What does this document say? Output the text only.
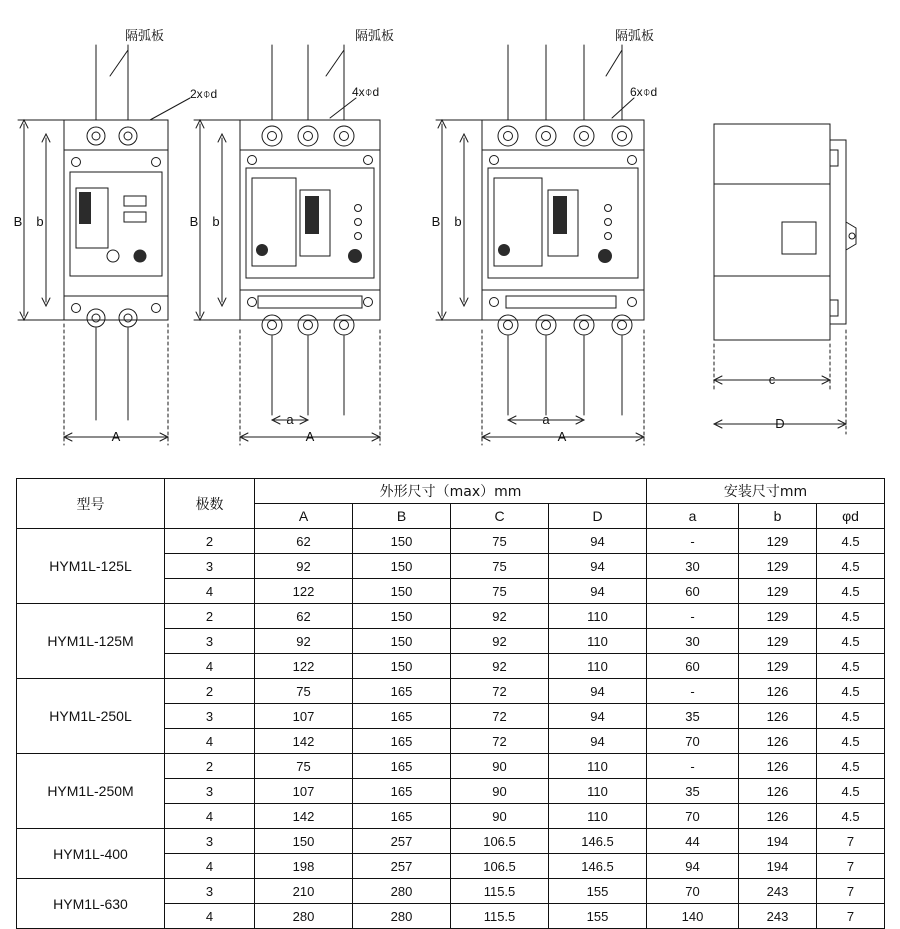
隔弧板	隔弧板	隔弧板
2x⌽d	4x⌽d	6x⌽d
B b
A
B b
a
A
B b
a
A
c
D
型号	极数	外形尺寸（max）mm				安装尺寸mm		
		A	B	C	D	a	b	φd
HYM1L-125L	2	62	150	75	94	-	129	4.5
	3	92	150	75	94	30	129	4.5
	4	122	150	75	94	60	129	4.5
HYM1L-125M	2	62	150	92	110	-	129	4.5
	3	92	150	92	110	30	129	4.5
	4	122	150	92	110	60	129	4.5
HYM1L-250L	2	75	165	72	94	-	126	4.5
	3	107	165	72	94	35	126	4.5
	4	142	165	72	94	70	126	4.5
HYM1L-250M	2	75	165	90	110	-	126	4.5
	3	107	165	90	110	35	126	4.5
	4	142	165	90	110	70	126	4.5
HYM1L-400	3	150	257	106.5	146.5	44	194	7
	4	198	257	106.5	146.5	94	194	7
HYM1L-630	3	210	280	115.5	155	70	243	7
	4	280	280	115.5	155	140	243	7
